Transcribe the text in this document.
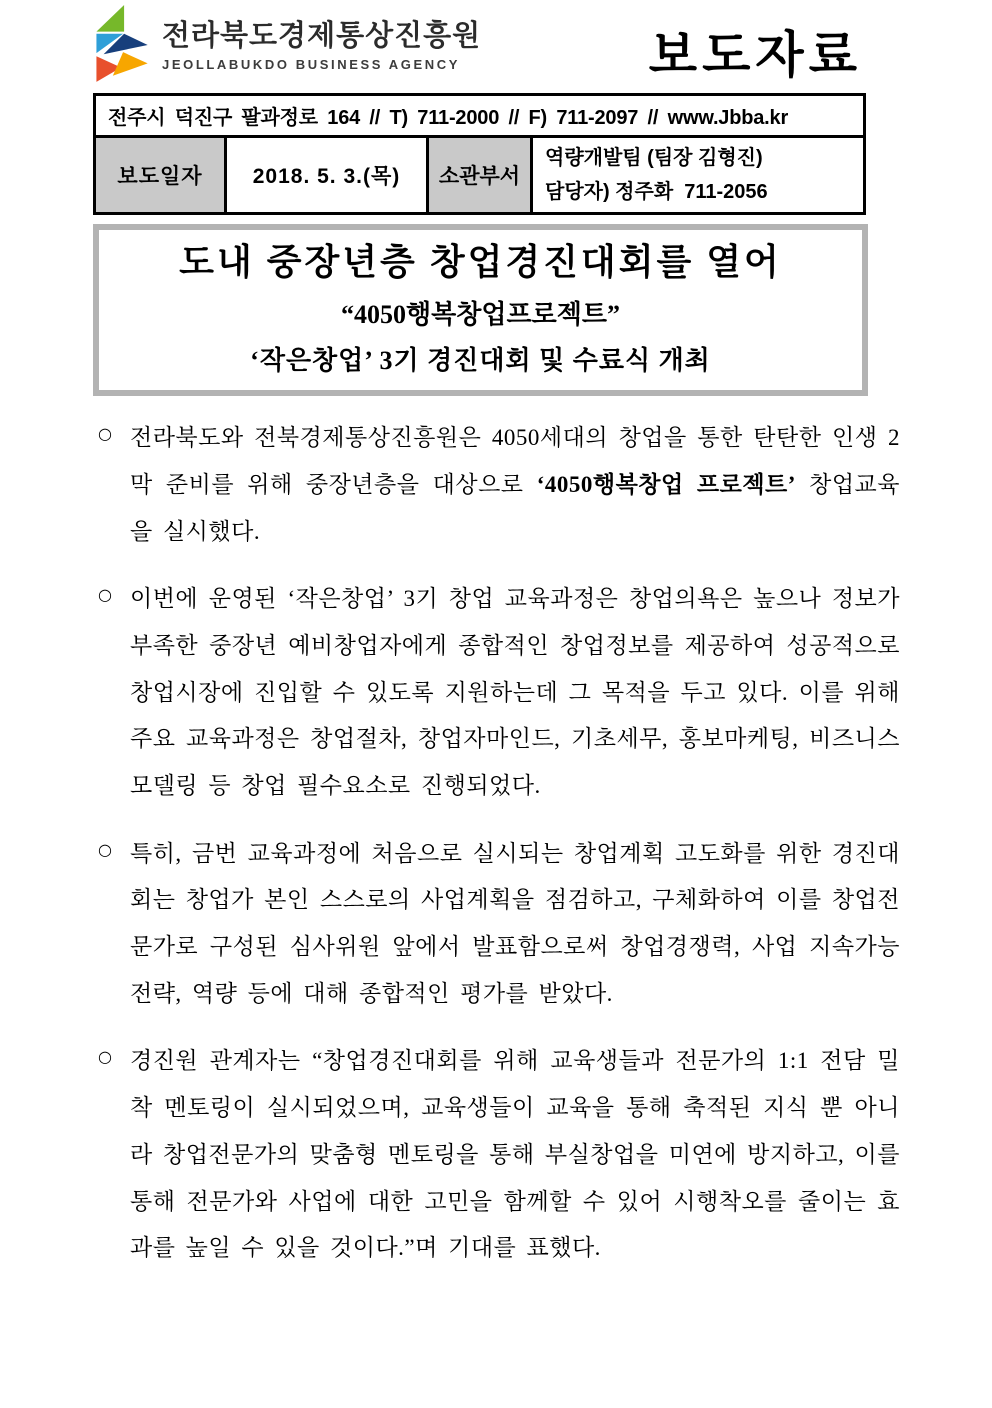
전라북도경제통상진흥원
JEOLLABUKDO BUSINESS AGENCY	보도자료
전주시 덕진구 팔과정로 164 // T) 711-2000 // F) 711-2097 // www.Jbba.kr
보도일자	2018. 5. 3.(목)	소관부서
역량개발팀 (팀장 김형진)
담당자) 정주화  711-2056
도내 중장년층 창업경진대회를 열어
“4050행복창업프로젝트”
‘작은창업’ 3기 경진대회 및 수료식 개최
○ 전라북도와 전북경제통상진흥원은 4050세대의 창업을 통한 탄탄한 인생 2막 준비를 위해 중장년층을 대상으로 ‘4050행복창업 프로젝트’ 창업교육을 실시했다.
○ 이번에 운영된 ‘작은창업’ 3기 창업 교육과정은 창업의욕은 높으나 정보가 부족한 중장년 예비창업자에게 종합적인 창업정보를 제공하여 성공적으로 창업시장에 진입할 수 있도록 지원하는데 그 목적을 두고 있다. 이를 위해 주요 교육과정은 창업절차, 창업자마인드, 기초세무, 홍보마케팅, 비즈니스 모델링 등 창업 필수요소로 진행되었다.
○ 특히, 금번 교육과정에 처음으로 실시되는 창업계획 고도화를 위한 경진대회는 창업가 본인 스스로의 사업계획을 점검하고, 구체화하여 이를 창업전문가로 구성된 심사위원 앞에서 발표함으로써 창업경쟁력, 사업 지속가능 전략, 역량 등에 대해 종합적인 평가를 받았다.
○ 경진원 관계자는 “창업경진대회를 위해 교육생들과 전문가의 1:1 전담 밀착 멘토링이 실시되었으며, 교육생들이 교육을 통해 축적된 지식 뿐 아니라 창업전문가의 맞춤형 멘토링을 통해 부실창업을 미연에 방지하고, 이를 통해 전문가와 사업에 대한 고민을 함께할 수 있어 시행착오를 줄이는 효과를 높일 수 있을 것이다.”며 기대를 표했다.
